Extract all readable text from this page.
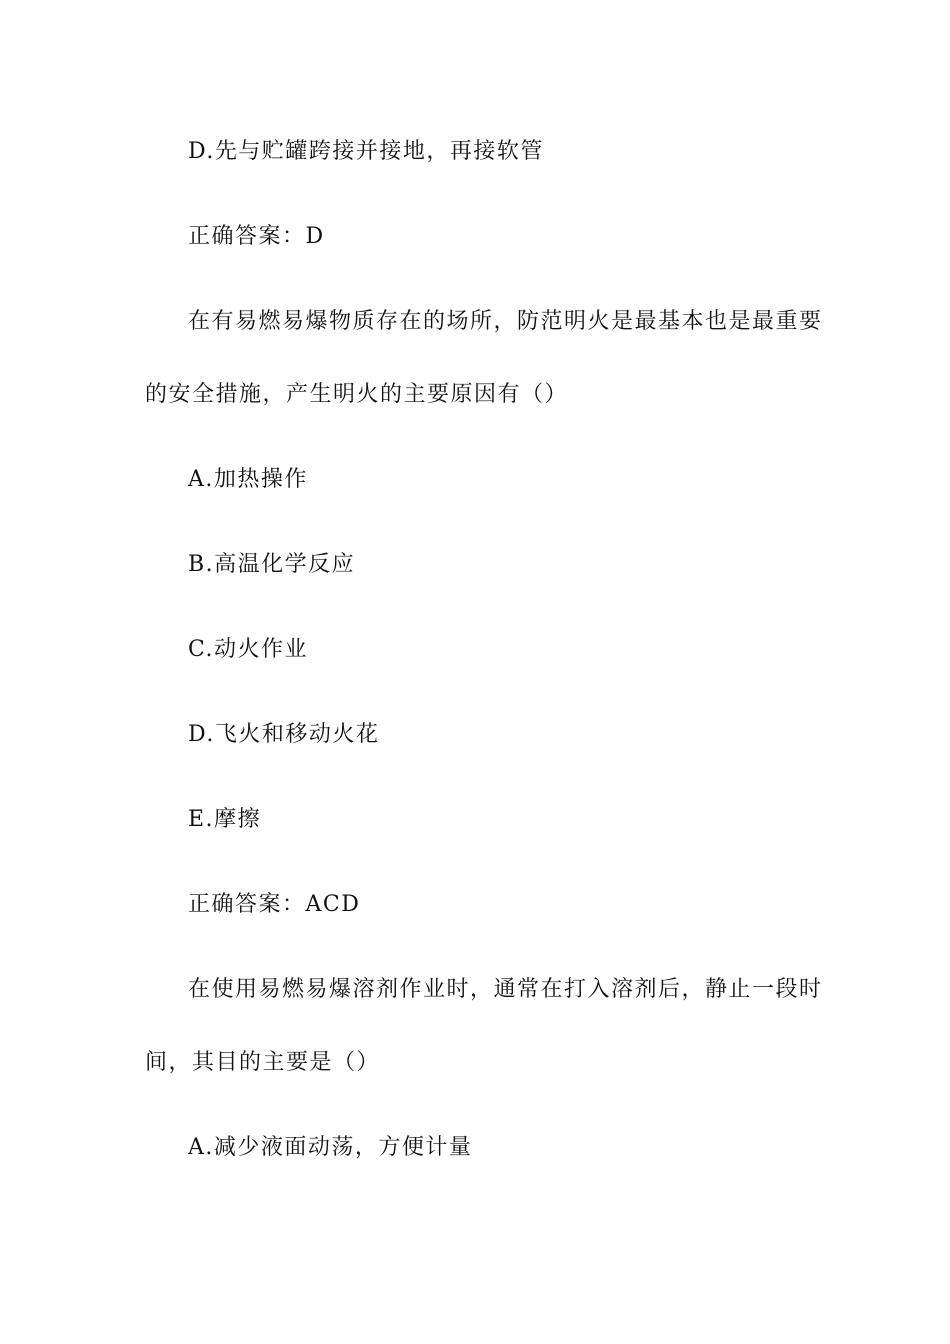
D.先与贮罐跨接并接地，再接软管
正确答案：D
在有易燃易爆物质存在的场所，防范明火是最基本也是最重要
的安全措施，产生明火的主要原因有（）
A.加热操作
B.高温化学反应
C.动火作业
D.飞火和移动火花
E.摩擦
正确答案：ACD
在使用易燃易爆溶剂作业时，通常在打入溶剂后，静止一段时
间，其目的主要是（）
A.减少液面动荡，方便计量
